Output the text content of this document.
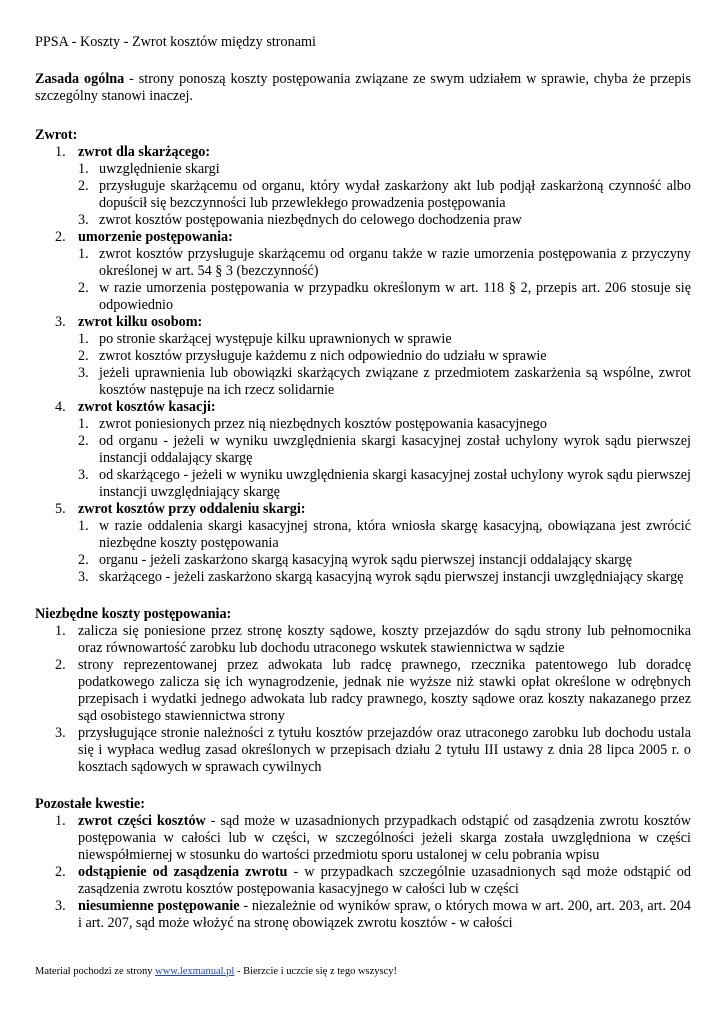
PPSA - Koszty - Zwrot kosztów między stronami
Zasada ogólna - strony ponoszą koszty postępowania związane ze swym udziałem w sprawie, chyba że przepis szczególny stanowi inaczej.
Zwrot:
1. zwrot dla skarżącego:
1. uwzględnienie skargi
2. przysługuje skarżącemu od organu, który wydał zaskarżony akt lub podjął zaskarżoną czynność albo dopuścił się bezczynności lub przewlekłego prowadzenia postępowania
3. zwrot kosztów postępowania niezbędnych do celowego dochodzenia praw
2. umorzenie postępowania:
1. zwrot kosztów przysługuje skarżącemu od organu także w razie umorzenia postępowania z przyczyny określonej w art. 54 § 3 (bezczynność)
2. w razie umorzenia postępowania w przypadku określonym w art. 118 § 2, przepis art. 206 stosuje się odpowiednio
3. zwrot kilku osobom:
1. po stronie skarżącej występuje kilku uprawnionych w sprawie
2. zwrot kosztów przysługuje każdemu z nich odpowiednio do udziału w sprawie
3. jeżeli uprawnienia lub obowiązki skarżących związane z przedmiotem zaskarżenia są wspólne, zwrot kosztów następuje na ich rzecz solidarnie
4. zwrot kosztów kasacji:
1. zwrot poniesionych przez nią niezbędnych kosztów postępowania kasacyjnego
2. od organu - jeżeli w wyniku uwzględnienia skargi kasacyjnej został uchylony wyrok sądu pierwszej instancji oddalający skargę
3. od skarżącego - jeżeli w wyniku uwzględnienia skargi kasacyjnej został uchylony wyrok sądu pierwszej instancji uwzględniający skargę
5. zwrot kosztów przy oddaleniu skargi:
1. w razie oddalenia skargi kasacyjnej strona, która wniosła skargę kasacyjną, obowiązana jest zwrócić niezbędne koszty postępowania
2. organu - jeżeli zaskarżono skargą kasacyjną wyrok sądu pierwszej instancji oddalający skargę
3. skarżącego - jeżeli zaskarżono skargą kasacyjną wyrok sądu pierwszej instancji uwzględniający skargę
Niezbędne koszty postępowania:
1. zalicza się poniesione przez stronę koszty sądowe, koszty przejazdów do sądu strony lub pełnomocnika oraz równowartość zarobku lub dochodu utraconego wskutek stawiennictwa w sądzie
2. strony reprezentowanej przez adwokata lub radcę prawnego, rzecznika patentowego lub doradcę podatkowego zalicza się ich wynagrodzenie, jednak nie wyższe niż stawki opłat określone w odrębnych przepisach i wydatki jednego adwokata lub radcy prawnego, koszty sądowe oraz koszty nakazanego przez sąd osobistego stawiennictwa strony
3. przysługujące stronie należności z tytułu kosztów przejazdów oraz utraconego zarobku lub dochodu ustala się i wypłaca według zasad określonych w przepisach działu 2 tytułu III ustawy z dnia 28 lipca 2005 r. o kosztach sądowych w sprawach cywilnych
Pozostałe kwestie:
1. zwrot części kosztów - sąd może w uzasadnionych przypadkach odstąpić od zasądzenia zwrotu kosztów postępowania w całości lub w części, w szczególności jeżeli skarga została uwzględniona w części niewspółmiernej w stosunku do wartości przedmiotu sporu ustalonej w celu pobrania wpisu
2. odstąpienie od zasądzenia zwrotu - w przypadkach szczególnie uzasadnionych sąd może odstąpić od zasądzenia zwrotu kosztów postępowania kasacyjnego w całości lub w części
3. niesumienne postępowanie - niezależnie od wyników spraw, o których mowa w art. 200, art. 203, art. 204 i art. 207, sąd może włożyć na stronę obowiązek zwrotu kosztów - w całości
Materiał pochodzi ze strony www.lexmanual.pl - Bierzcie i uczcie się z tego wszyscy!
